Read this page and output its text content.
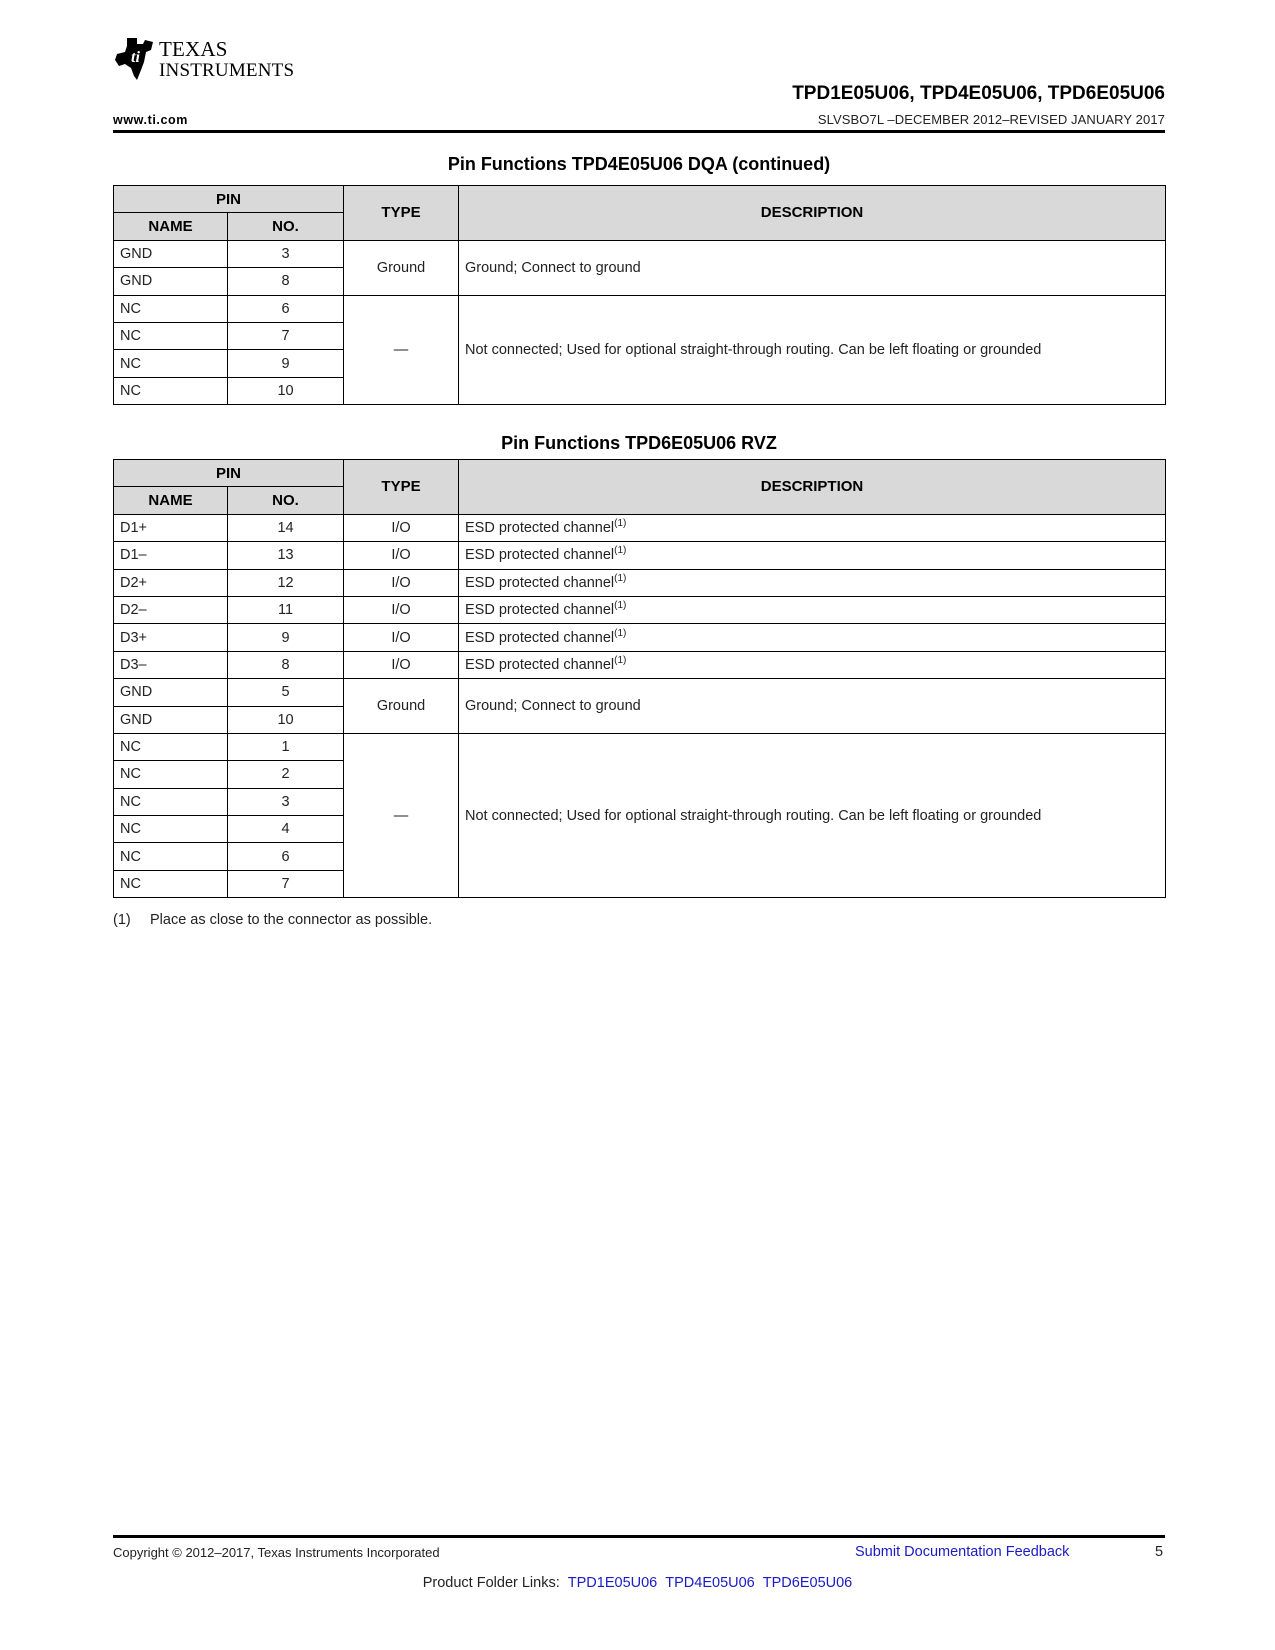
ti TEXAS
INSTRUMENTS
www.ti.com
TPD1E05U06, TPD4E05U06, TPD6E05U06
SLVSBO7L –DECEMBER 2012–REVISED JANUARY 2017
Pin Functions TPD4E05U06 DQA (continued)
PIN		TYPE	DESCRIPTION
NAME	NO.		
GND	3	Ground	Ground; Connect to ground
GND	8		
NC	6	—	Not connected; Used for optional straight-through routing. Can be left floating or grounded
NC	7		
NC	9		
NC	10		
Pin Functions TPD6E05U06 RVZ
PIN		TYPE	DESCRIPTION
NAME	NO.		
D1+	14	I/O	ESD protected channel$^{(1)}$
D1–	13	I/O	ESD protected channel$^{(1)}$
D2+	12	I/O	ESD protected channel$^{(1)}$
D2–	11	I/O	ESD protected channel$^{(1)}$
D3+	9	I/O	ESD protected channel$^{(1)}$
D3–	8	I/O	ESD protected channel$^{(1)}$
GND	5	Ground	Ground; Connect to ground
GND	10		
NC	1	—	Not connected; Used for optional straight-through routing. Can be left floating or grounded
NC	2		
NC	3		
NC	4		
NC	6		
NC	7		
(1) Place as close to the connector as possible.
Copyright © 2012–2017, Texas Instruments Incorporated	Submit Documentation Feedback	5
Product Folder Links: TPD1E05U06 TPD4E05U06 TPD6E05U06
